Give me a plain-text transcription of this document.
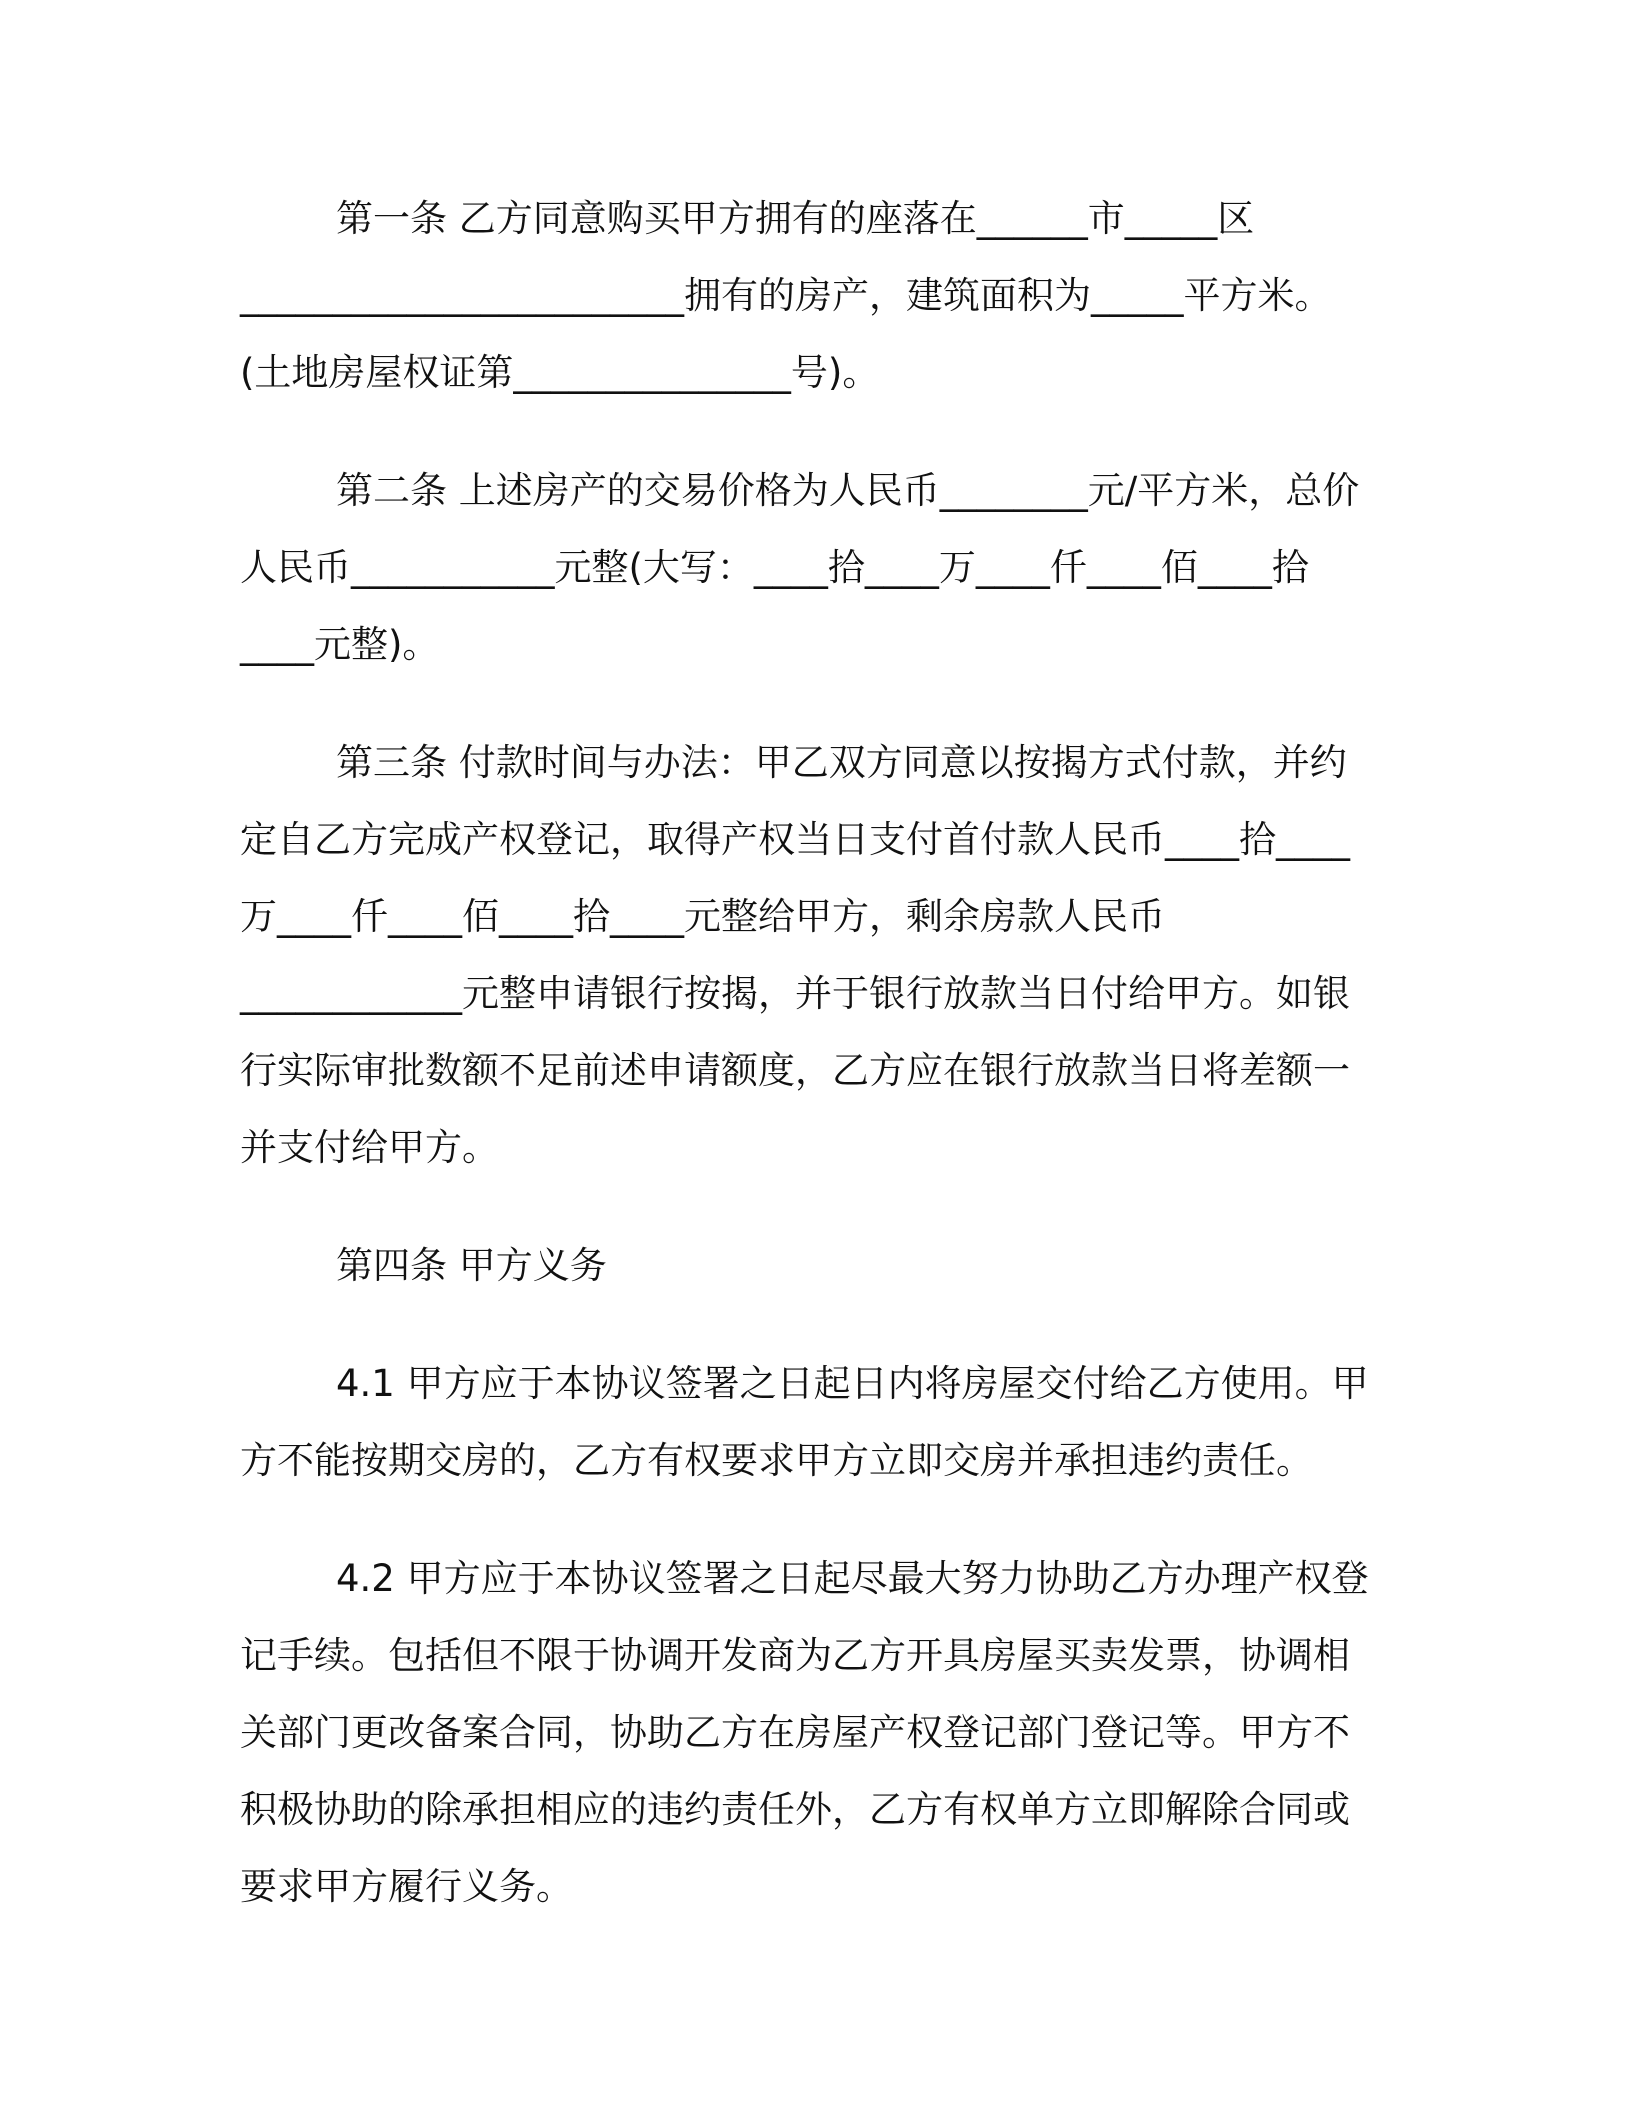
第一条 乙方同意购买甲方拥有的座落在______市_____区
________________________拥有的房产，建筑面积为_____平方米。
(土地房屋权证第_______________号)。
第二条 上述房产的交易价格为人民币________元/平方米，总价
人民币___________元整(大写：____拾____万____仟____佰____拾
____元整)。
第三条 付款时间与办法：甲乙双方同意以按揭方式付款，并约
定自乙方完成产权登记，取得产权当日支付首付款人民币____拾____
万____仟____佰____拾____元整给甲方，剩余房款人民币
____________元整申请银行按揭，并于银行放款当日付给甲方。如银
行实际审批数额不足前述申请额度，乙方应在银行放款当日将差额一
并支付给甲方。
第四条 甲方义务
4.1 甲方应于本协议签署之日起日内将房屋交付给乙方使用。甲
方不能按期交房的，乙方有权要求甲方立即交房并承担违约责任。
4.2 甲方应于本协议签署之日起尽最大努力协助乙方办理产权登
记手续。包括但不限于协调开发商为乙方开具房屋买卖发票，协调相
关部门更改备案合同，协助乙方在房屋产权登记部门登记等。甲方不
积极协助的除承担相应的违约责任外，乙方有权单方立即解除合同或
要求甲方履行义务。
